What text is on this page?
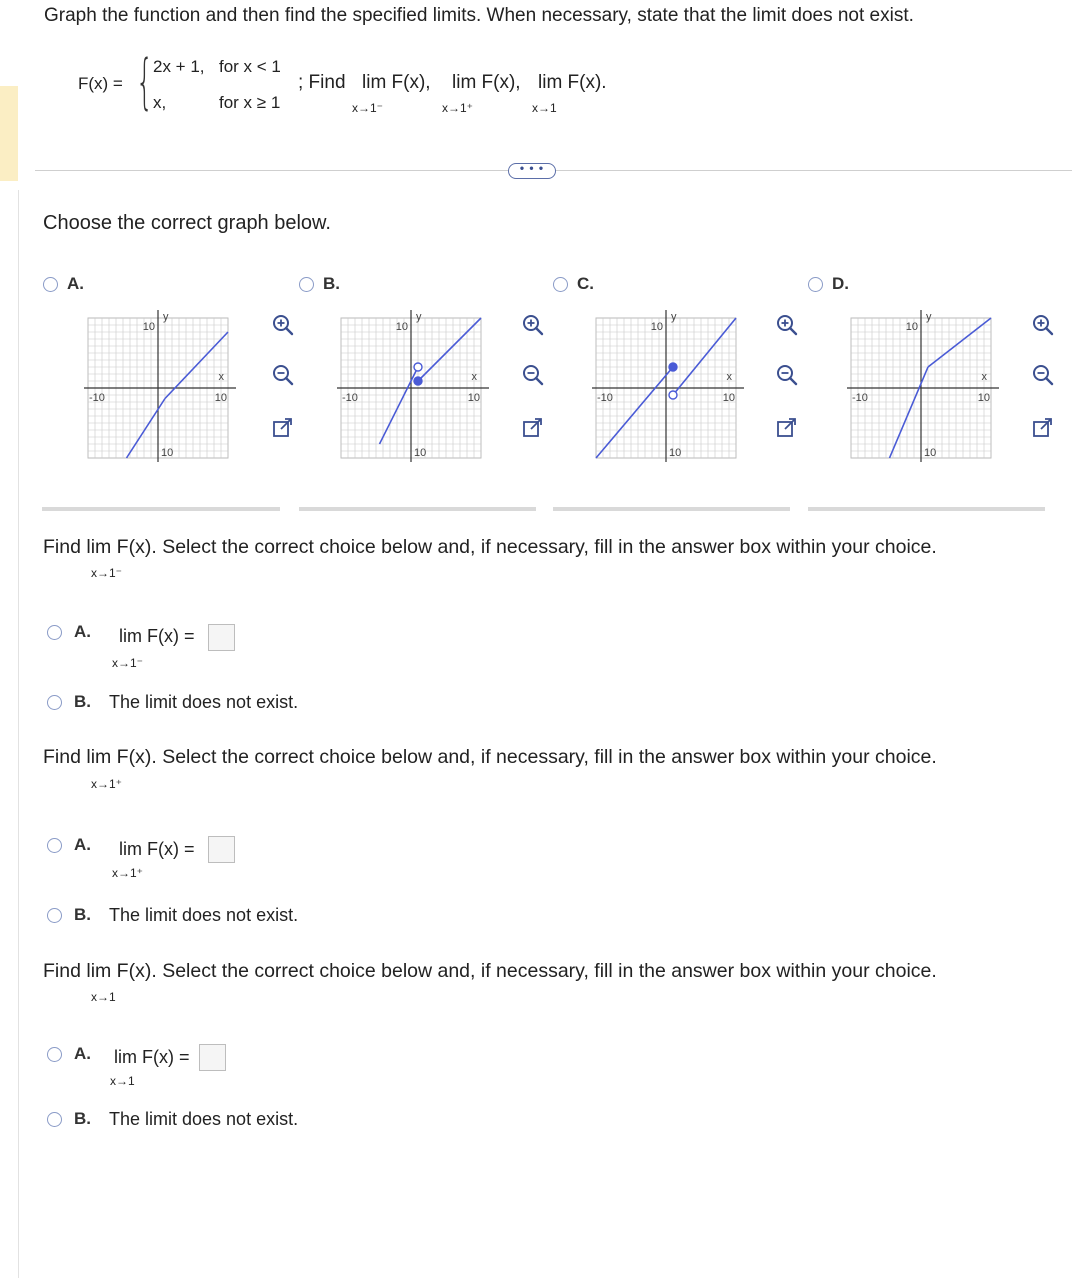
Graph the function and then find the specified limits. When necessary, state that the limit does not exist.
F(x) = { 2x + 1, for x < 1
x,	for x ≥ 1
; Find lim F(x),
x→1⁻
lim F(x),
x→1⁺
lim F(x).
x→1
• • •
Choose the correct graph below.
A.
10
10
-10	10
y
x
B.
10
10
-10	10
y
x
C.
10
10
-10	10
y
x
D.
10
10
-10	10
y
x
Find lim F(x). Select the correct choice below and, if necessary, fill in the answer box within your choice.
x→1⁻
A. lim F(x) =
x→1⁻
B. The limit does not exist.
Find lim F(x). Select the correct choice below and, if necessary, fill in the answer box within your choice.
x→1⁺
A. lim F(x) =
x→1⁺
B. The limit does not exist.
Find lim F(x). Select the correct choice below and, if necessary, fill in the answer box within your choice.
x→1
A. lim F(x) =
x→1
B. The limit does not exist.
